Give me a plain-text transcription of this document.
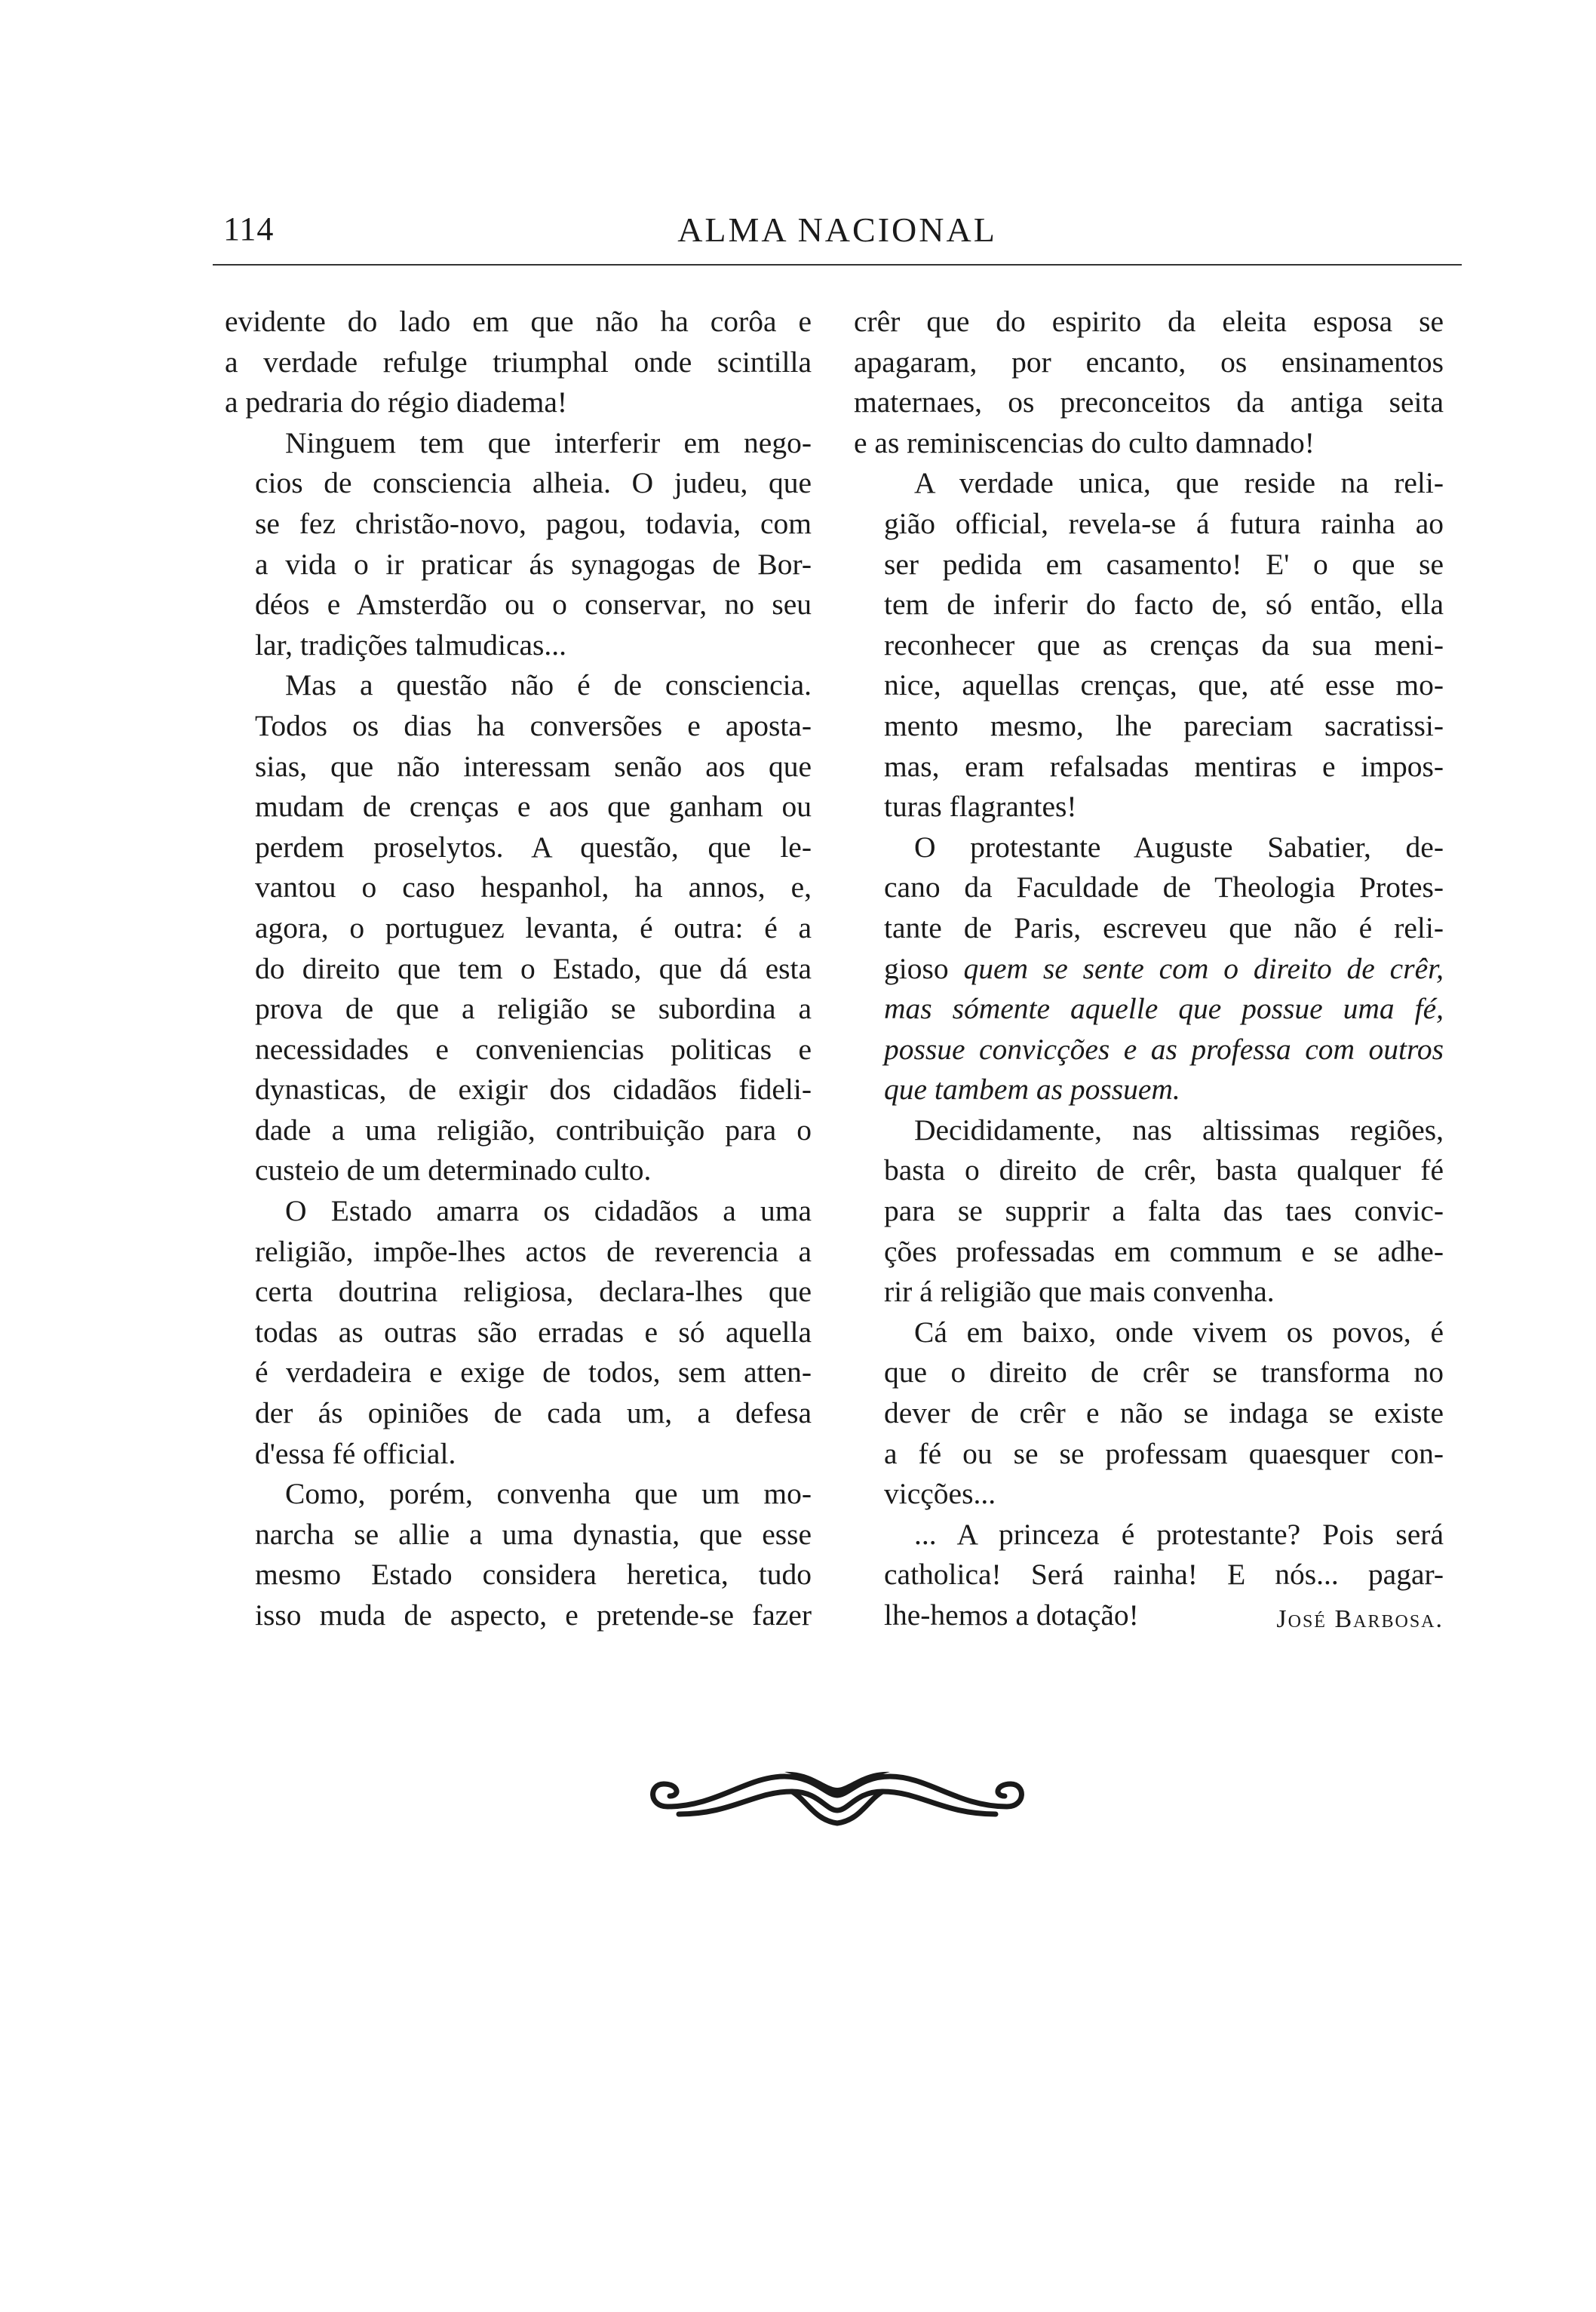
114	ALMA NACIONAL
evidente do lado em que não ha corôa e
a verdade refulge triumphal onde scintilla
a pedraria do régio diadema!
Ninguem tem que interferir em nego-
cios de consciencia alheia. O judeu, que
se fez christão-novo, pagou, todavia, com
a vida o ir praticar ás synagogas de Bor-
déos e Amsterdão ou o conservar, no seu
lar, tradições talmudicas...
Mas a questão não é de consciencia.
Todos os dias ha conversões e aposta-
sias, que não interessam senão aos que
mudam de crenças e aos que ganham ou
perdem proselytos. A questão, que le-
vantou o caso hespanhol, ha annos, e,
agora, o portuguez levanta, é outra: é a
do direito que tem o Estado, que dá esta
prova de que a religião se subordina a
necessidades e conveniencias politicas e
dynasticas, de exigir dos cidadãos fideli-
dade a uma religião, contribuição para o
custeio de um determinado culto.
O Estado amarra os cidadãos a uma
religião, impõe-lhes actos de reverencia a
certa doutrina religiosa, declara-lhes que
todas as outras são erradas e só aquella
é verdadeira e exige de todos, sem atten-
der ás opiniões de cada um, a defesa
d'essa fé official.
Como, porém, convenha que um mo-
narcha se allie a uma dynastia, que esse
mesmo Estado considera heretica, tudo
isso muda de aspecto, e pretende-se fazer
crêr que do espirito da eleita esposa se
apagaram, por encanto, os ensinamentos
maternaes, os preconceitos da antiga seita
e as reminiscencias do culto damnado!
A verdade unica, que reside na reli-
gião official, revela-se á futura rainha ao
ser pedida em casamento! E' o que se
tem de inferir do facto de, só então, ella
reconhecer que as crenças da sua meni-
nice, aquellas crenças, que, até esse mo-
mento mesmo, lhe pareciam sacratissi-
mas, eram refalsadas mentiras e impos-
turas flagrantes!
O protestante Auguste Sabatier, de-
cano da Faculdade de Theologia Protes-
tante de Paris, escreveu que não é reli-
gioso quem se sente com o direito de crêr,
mas sómente aquelle que possue uma fé,
possue convicções e as professa com outros
que tambem as possuem.
Decididamente, nas altissimas regiões,
basta o direito de crêr, basta qualquer fé
para se supprir a falta das taes convic-
ções professadas em commum e se adhe-
rir á religião que mais convenha.
Cá em baixo, onde vivem os povos, é
que o direito de crêr se transforma no
dever de crêr e não se indaga se existe
a fé ou se se professam quaesquer con-
vicções...
... A princeza é protestante? Pois será
catholica! Será rainha! E nós... pagar-
lhe-hemos a dotação!	José Barbosa.
